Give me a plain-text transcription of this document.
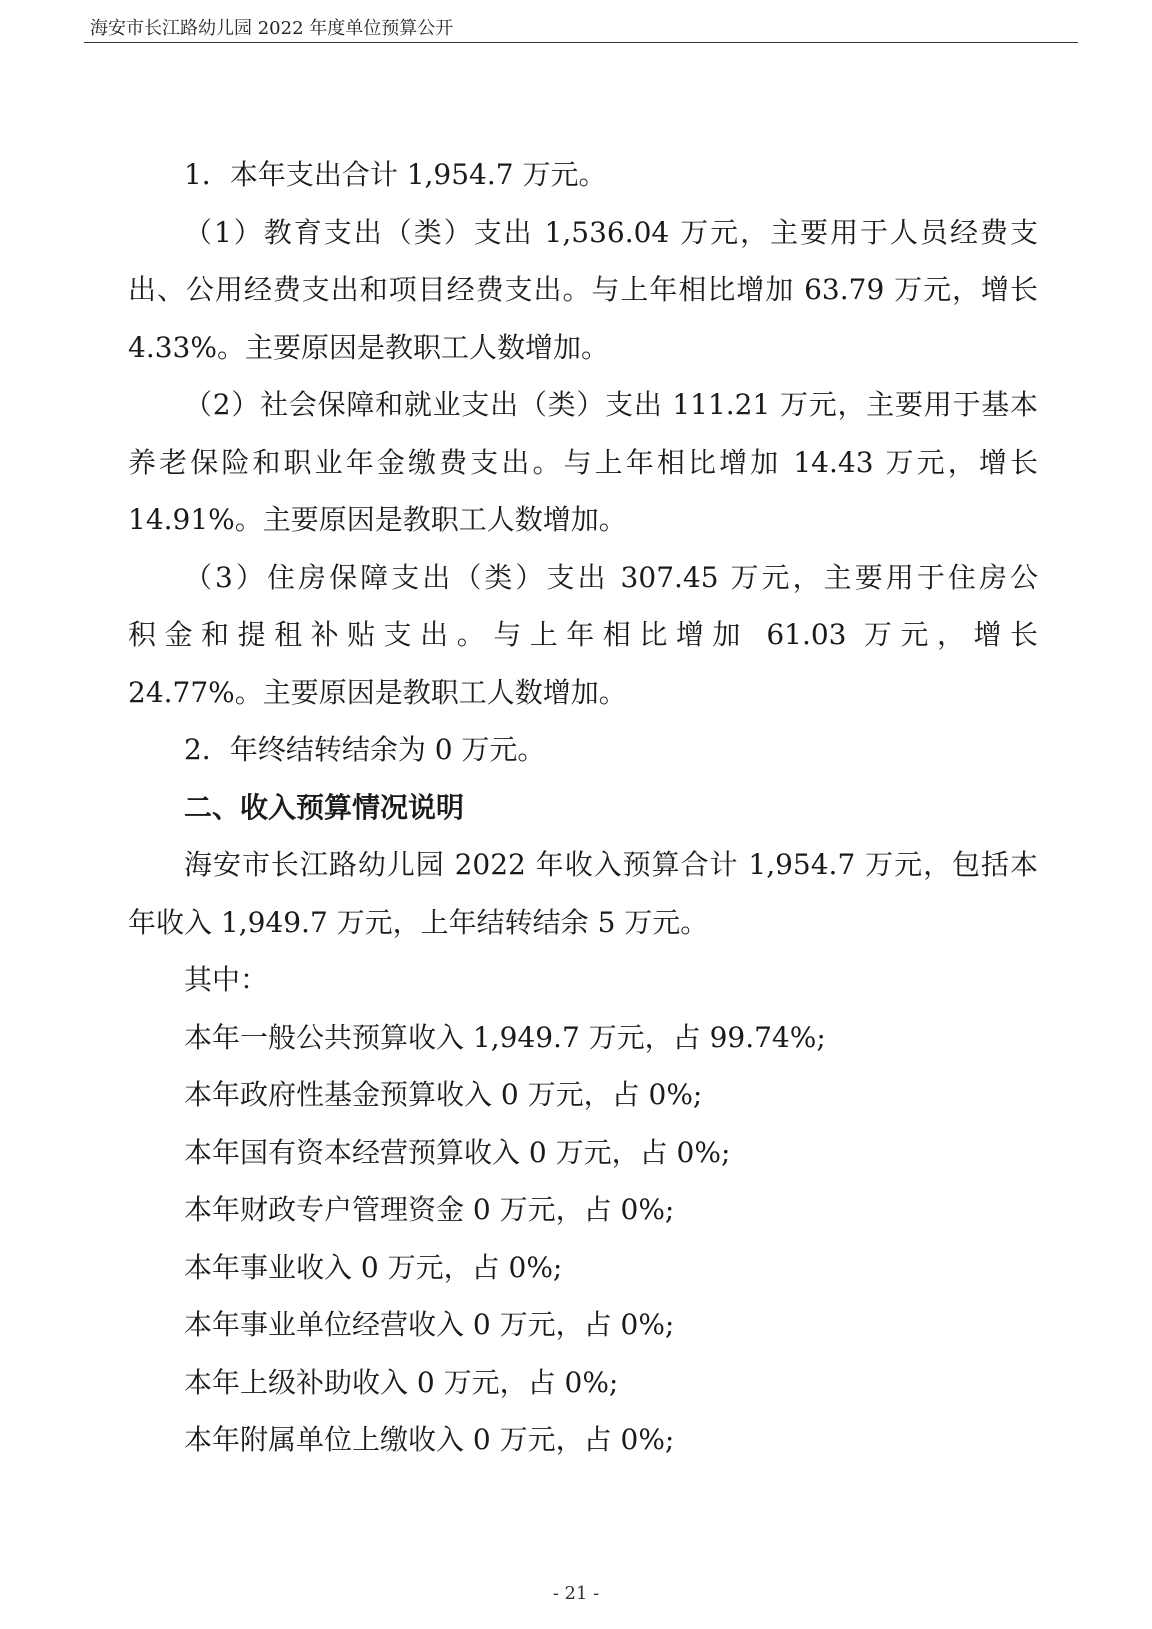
海安市长江路幼儿园 2022 年度单位预算公开

1．本年支出合计 1,954.7 万元。

（1）教育支出（类）支出 1,536.04 万元，主要用于人员经费支出、公用经费支出和项目经费支出。与上年相比增加 63.79 万元，增长 4.33%。主要原因是教职工人数增加。

（2）社会保障和就业支出（类）支出 111.21 万元，主要用于基本养老保险和职业年金缴费支出。与上年相比增加 14.43 万元，增长 14.91%。主要原因是教职工人数增加。

（3）住房保障支出（类）支出 307.45 万元，主要用于住房公

积金和提租补贴支出。与上年相比增加 61.03 万元，增长

24.77%。主要原因是教职工人数增加。

2．年终结转结余为 0 万元。

二、收入预算情况说明

海安市长江路幼儿园 2022 年收入预算合计 1,954.7 万元，包括本年收入 1,949.7 万元，上年结转结余 5 万元。

其中：

本年一般公共预算收入 1,949.7 万元，占 99.74%;

本年政府性基金预算收入 0 万元，占 0%;

本年国有资本经营预算收入 0 万元，占 0%;

本年财政专户管理资金 0 万元，占 0%;

本年事业收入 0 万元，占 0%;

本年事业单位经营收入 0 万元，占 0%;

本年上级补助收入 0 万元，占 0%;

本年附属单位上缴收入 0 万元，占 0%;

- 21 -
